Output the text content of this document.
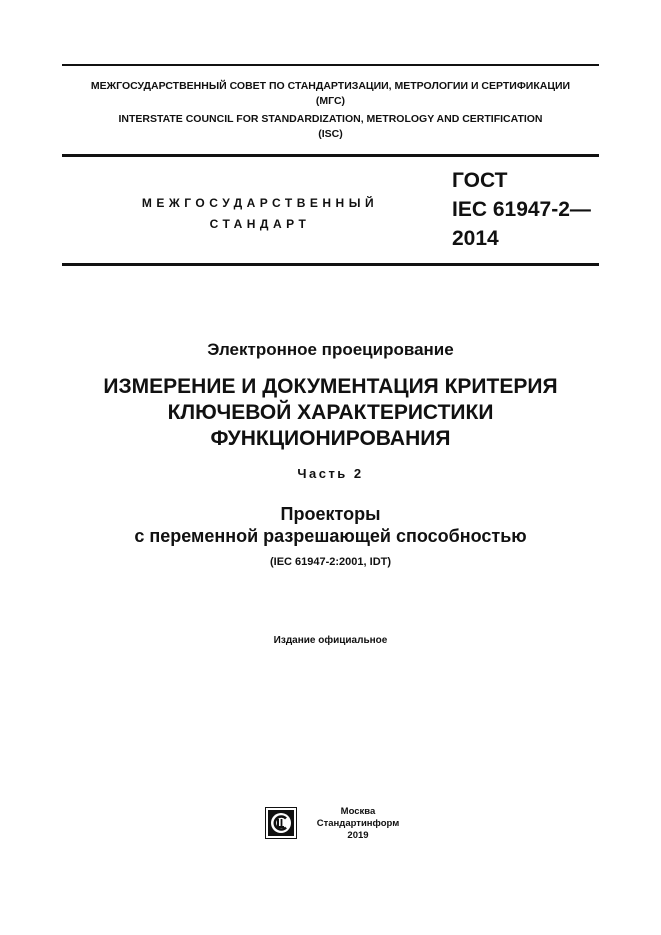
МЕЖГОСУДАРСТВЕННЫЙ СОВЕТ ПО СТАНДАРТИЗАЦИИ, МЕТРОЛОГИИ И СЕРТИФИКАЦИИ
(МГС)
INTERSTATE COUNCIL FOR STANDARDIZATION, METROLOGY AND CERTIFICATION
(ISC)
МЕЖГОСУДАРСТВЕННЫЙ
СТАНДАРТ
ГОСТ
IEC 61947-2—
2014
Электронное проецирование
ИЗМЕРЕНИЕ И ДОКУМЕНТАЦИЯ КРИТЕРИЯ
КЛЮЧЕВОЙ ХАРАКТЕРИСТИКИ
ФУНКЦИОНИРОВАНИЯ
Часть 2
Проекторы
с переменной разрешающей способностью
(IEC 61947-2:2001, IDT)
Издание официальное
Москва
Стандартинформ
2019
